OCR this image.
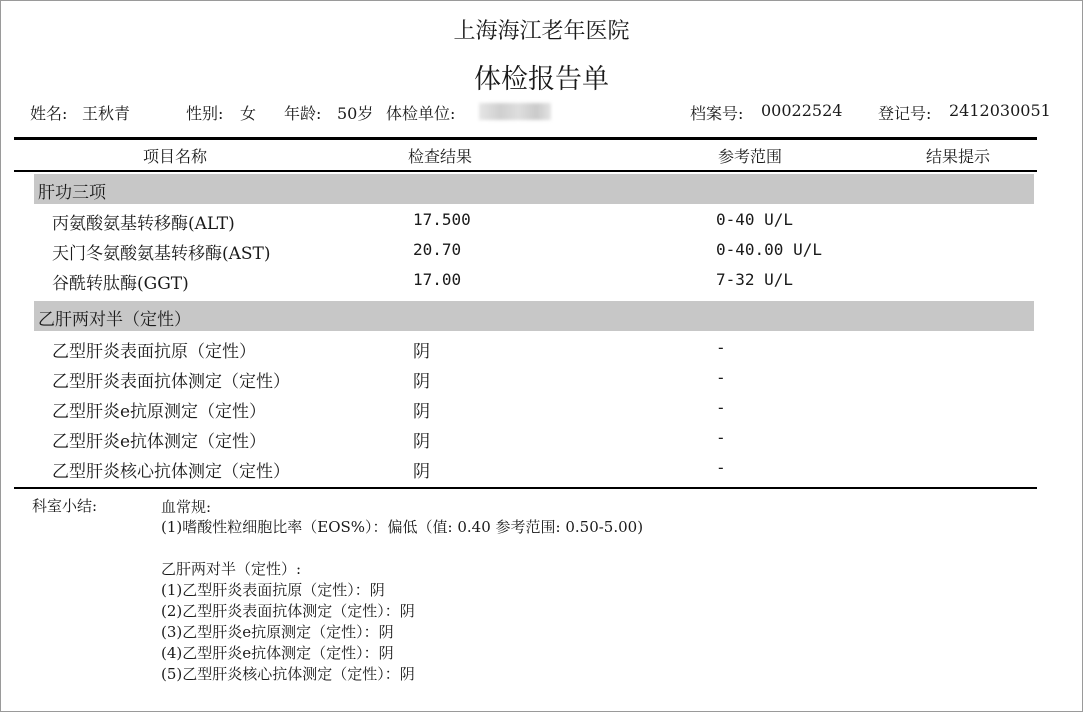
上海海江老年医院
体检报告单
姓名: 王秋青	性别: 女 年龄: 50岁 体检单位:	档案号: 00022524 登记号: 2412030051
项目名称	检查结果	参考范围	结果提示
肝功三项
丙氨酸氨基转移酶(ALT)	17.500	0-40 U/L
天门冬氨酸氨基转移酶(AST)	20.70	0-40.00 U/L
谷酰转肽酶(GGT)	17.00	7-32 U/L
乙肝两对半（定性）
乙型肝炎表面抗原（定性）	阴	-
乙型肝炎表面抗体测定（定性）	阴	-
乙型肝炎e抗原测定（定性）	阴	-
乙型肝炎e抗体测定（定性）	阴	-
乙型肝炎核心抗体测定（定性）	阴	-
科室小结:	血常规:
(1)嗜酸性粒细胞比率（EOS%）：偏低（值: 0.40 参考范围: 0.50-5.00)
乙肝两对半（定性）:
(1)乙型肝炎表面抗原（定性）：阴
(2)乙型肝炎表面抗体测定（定性）：阴
(3)乙型肝炎e抗原测定（定性）：阴
(4)乙型肝炎e抗体测定（定性）：阴
(5)乙型肝炎核心抗体测定（定性）：阴
